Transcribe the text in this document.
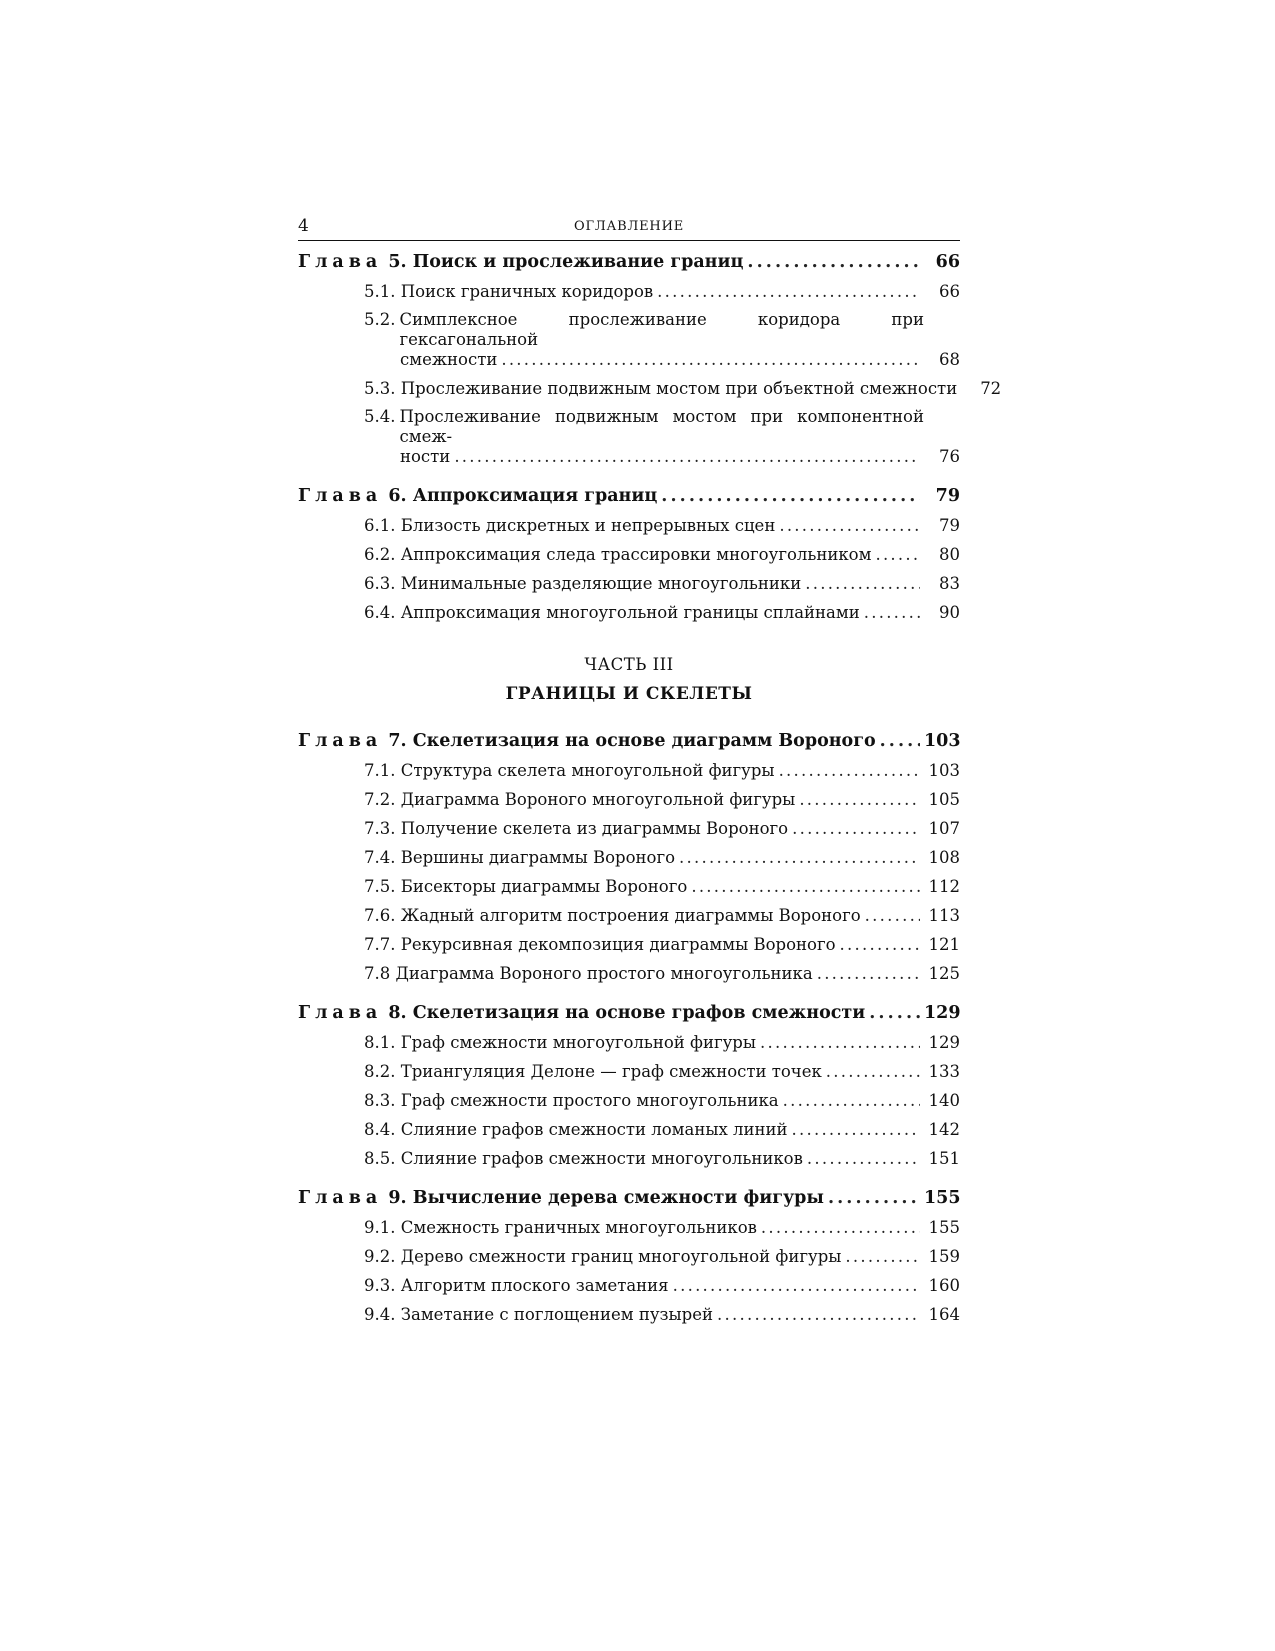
4	ОГЛАВЛЕНИЕ
Глава 5. Поиск и прослеживание границ . . .	66
5.1. Поиск граничных коридоров . . .	66
5.2. Симплексное прослеживание коридора при гексагональной
смежности . . .	68
5.3. Прослеживание подвижным мостом при объектной смежности	72
5.4. Прослеживание подвижным мостом при компонентной смеж-
ности . . .	76
Глава 6. Аппроксимация границ . . .	79
6.1. Близость дискретных и непрерывных сцен . . .	79
6.2. Аппроксимация следа трассировки многоугольником . . .	80
6.3. Минимальные разделяющие многоугольники . . .	83
6.4. Аппроксимация многоугольной границы сплайнами . . .	90
ЧАСТЬ III
ГРАНИЦЫ И СКЕЛЕТЫ
Глава 7. Скелетизация на основе диаграмм Вороного . . .	103
7.1. Структура скелета многоугольной фигуры . . .	103
7.2. Диаграмма Вороного многоугольной фигуры . . .	105
7.3. Получение скелета из диаграммы Вороного . . .	107
7.4. Вершины диаграммы Вороного . . .	108
7.5. Бисекторы диаграммы Вороного . . .	112
7.6. Жадный алгоритм построения диаграммы Вороного . . .	113
7.7. Рекурсивная декомпозиция диаграммы Вороного . . .	121
7.8 Диаграмма Вороного простого многоугольника . . .	125
Глава 8. Скелетизация на основе графов смежности . . .	129
8.1. Граф смежности многоугольной фигуры . . .	129
8.2. Триангуляция Делоне — граф смежности точек . . .	133
8.3. Граф смежности простого многоугольника . . .	140
8.4. Слияние графов смежности ломаных линий . . .	142
8.5. Слияние графов смежности многоугольников . . .	151
Глава 9. Вычисление дерева смежности фигуры . . .	155
9.1. Смежность граничных многоугольников . . .	155
9.2. Дерево смежности границ многоугольной фигуры . . .	159
9.3. Алгоритм плоского заметания . . .	160
9.4. Заметание с поглощением пузырей . . .	164
